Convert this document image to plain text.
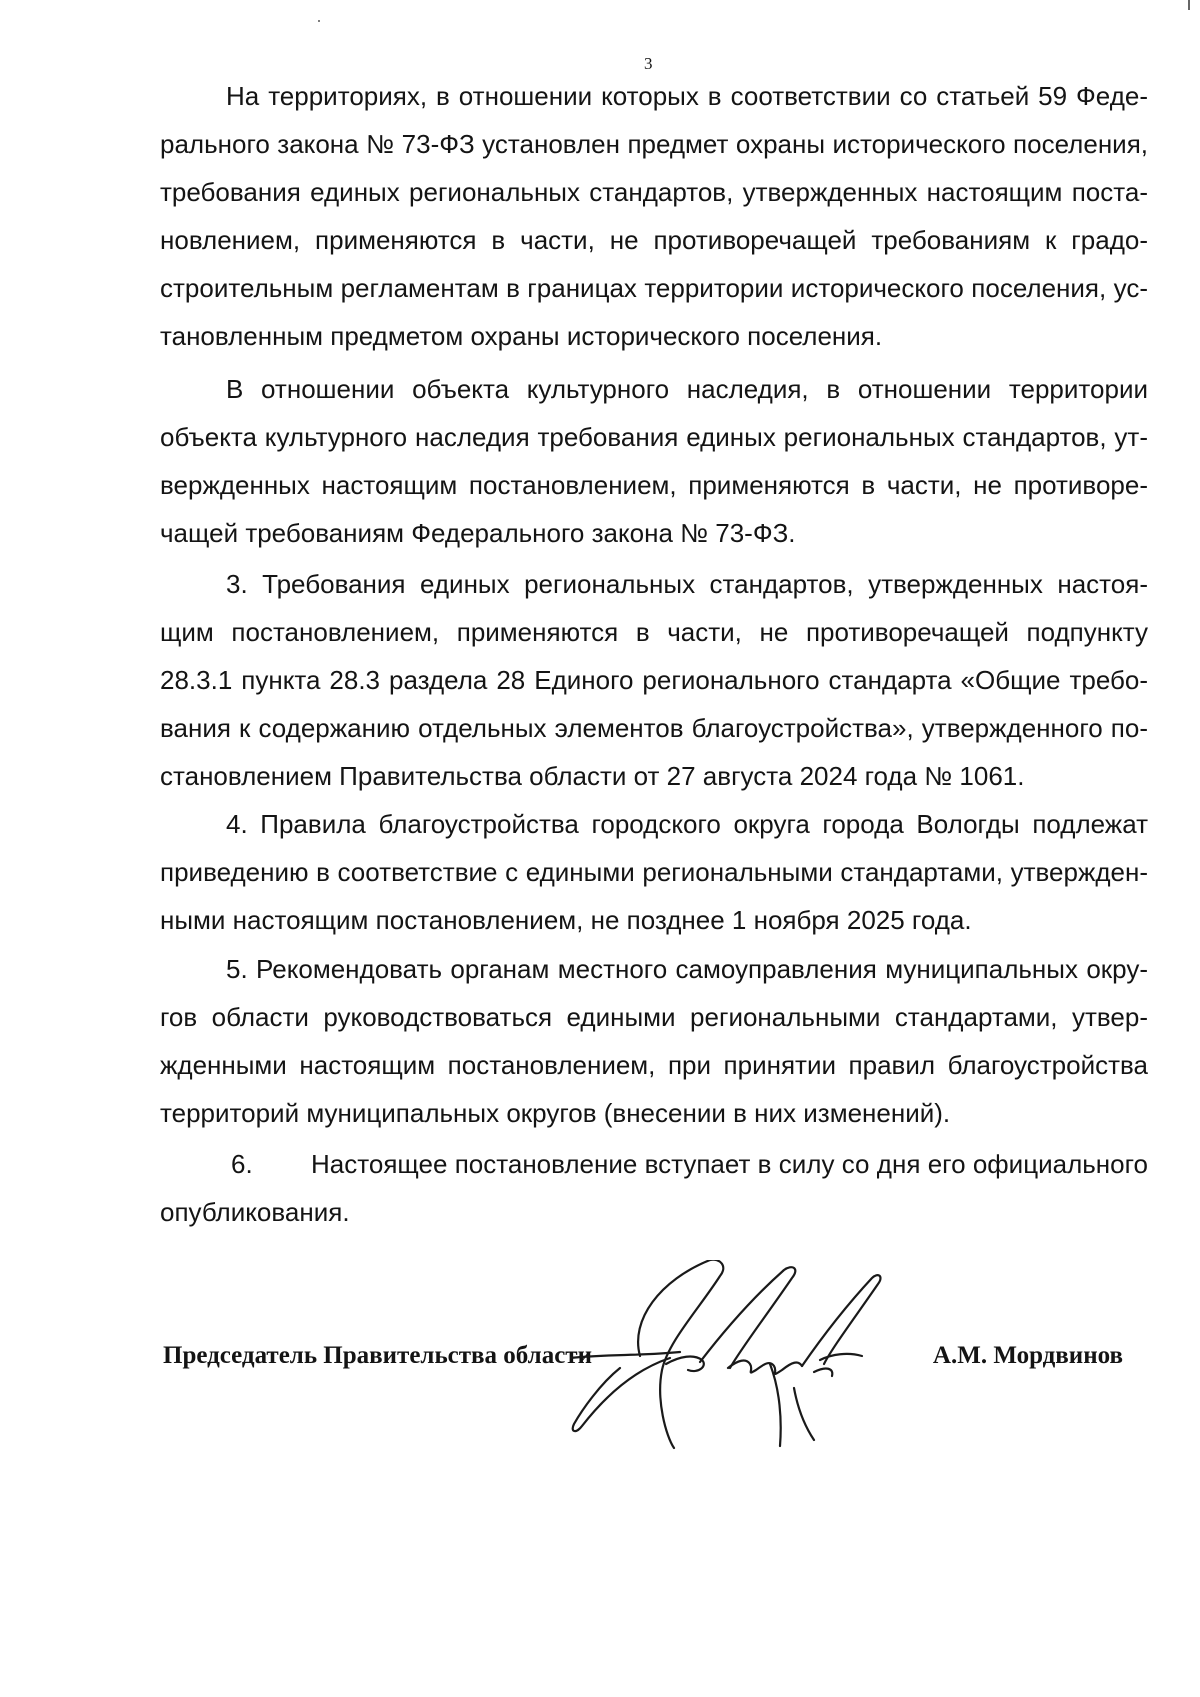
3
На территориях, в отношении которых в соответствии со статьей 59 Феде-
рального закона № 73-ФЗ установлен предмет охраны исторического поселения,
требования единых региональных стандартов, утвержденных настоящим поста-
новлением, применяются в части, не противоречащей требованиям к градо-
строительным регламентам в границах территории исторического поселения, ус-
тановленным предметом охраны исторического поселения.
В отношении объекта культурного наследия, в отношении территории
объекта культурного наследия требования единых региональных стандартов, ут-
вержденных настоящим постановлением, применяются в части, не противоре-
чащей требованиям Федерального закона № 73-ФЗ.
3. Требования единых региональных стандартов, утвержденных настоя-
щим постановлением, применяются в части, не противоречащей подпункту
28.3.1 пункта 28.3 раздела 28 Единого регионального стандарта «Общие требо-
вания к содержанию отдельных элементов благоустройства», утвержденного по-
становлением Правительства области от 27 августа 2024 года № 1061.
4. Правила благоустройства городского округа города Вологды подлежат
приведению в соответствие с едиными региональными стандартами, утвержден-
ными настоящим постановлением, не позднее 1 ноября 2025 года.
5. Рекомендовать органам местного самоуправления муниципальных окру-
гов области руководствоваться едиными региональными стандартами, утвер-
жденными настоящим постановлением, при принятии правил благоустройства
территорий муниципальных округов (внесении в них изменений).
6. Настоящее постановление вступает в силу со дня его официального
опубликования.
Председатель Правительства области	А.М. Мордвинов
